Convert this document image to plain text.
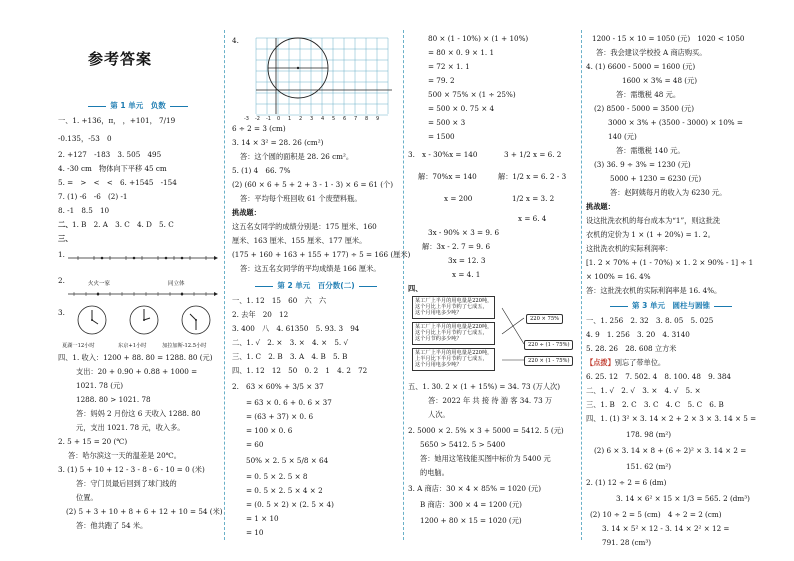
参考答案
第 1 单元　负数
一、1. +136，π， ，+101， 7/19
-0.135，-53　0
2. +127　-183　3. 505　495
4. -30 cm　物体向下平移 45 cm
5. =　>　<　<　6. +1545　-154
7. (1) -6　-6　(2) -1
8. -1　8.5　10
二、 1. B　2. A　3. C　4. D　5. C
三、
1.
2.	火火一家	同立体
3.
夏湖一12小时	东京+1小时	加拉加斯-12.5小时
四、1. 收入：1200 + 88. 80 = 1288. 80 (元)
支出：20 + 0.90 + 0.88 + 1000 =
1021. 78 (元)
1288. 80 > 1021. 78
答：妈妈 2 月份这 6 天收入 1288. 80
元，支出 1021. 78 元，收入多。
2. 5 + 15 = 20 (℃)
答：哈尔滨这一天的温差是 20℃。
3. (1) 5 + 10 + 12 - 3 - 8 - 6 - 10 = 0 (米)
答：守门员最后回到了球门线的
位置。
(2) 5 + 3 + 10 + 8 + 6 + 12 + 10 = 54 (米)
答：他共跑了 54 米。
4.
-3 -2 -1 0 1 2 3 4 5 6 7 8 9
6 ÷ 2 = 3 (cm)
3. 14 × 3² = 28. 26 (cm²)
答：这个圆的面积是 28. 26 cm²。
5. (1) 4　66. 7%
(2) (60 × 6 + 5 + 2 + 3 - 1 - 3) × 6 = 61 (个)
答：平均每个班回收 61 个废塑料瓶。
挑战题：
这五名女同学的成绩分别是：175 厘米、160
厘米、163 厘米、155 厘米、177 厘米。
(175 + 160 + 163 + 155 + 177) ÷ 5 = 166 (厘米)
答：这五名女同学的平均成绩是 166 厘米。
第 2 单元　百分数(二)
一、1. 12　15　60　六　六
2. 去年　20　12
3. 400　八　4. 61350　5. 93. 3　94
二、1. √　2. ×　3. ×　4. ×　5. √
三、1. C　2. B　3. A　4. B　5. B
四、1. 12　12　50　0. 2　1　4. 2　72
2.　63 × 60% + 3/5 × 37
= 63 × 0. 6 + 0. 6 × 37
= (63 + 37) × 0. 6
= 100 × 0. 6
= 60
50% × 2. 5 × 5/8 × 64
= 0. 5 × 2. 5 × 8
= 0. 5 × 2. 5 × 4 × 2
= (0. 5 × 2) × (2. 5 × 4)
= 1 × 10
= 10
80 × (1 - 10%) × (1 + 10%)
= 80 × 0. 9 × 1. 1
= 72 × 1. 1
= 79. 2
500 × 75% × (1 ÷ 25%)
= 500 × 0. 75 × 4
= 500 × 3
= 1500
3.　x - 30%x = 140	3 + 1/2 x = 6. 2
解：70%x = 140	解：1/2 x = 6. 2 - 3
x = 200	1/2 x = 3. 2
x = 6. 4
3x - 90% × 3 = 9. 6
解：3x - 2. 7 = 9. 6
3x = 12. 3
x = 4. 1
四、
某工厂上半月的用电量是220吨，
这个月比上半月节约了七成五，
这个月用电多少吨？
某工厂上半月的用电量是220吨，
这个月比上半月节约了七成五，
这个月节约多少吨？
某工厂上半月的用电量是220吨，
上半月比下半月节约了七成五，
这个月用电多少吨？
220 × 75%
220 ÷ (1 - 75%)
220 × (1 - 75%)
五、1. 30. 2 × (1 + 15%) = 34. 73 (万人次)
答：2022 年 共 接 待 游 客 34. 73 万
人次。
2. 5000 × 2. 5% × 3 + 5000 = 5412. 5 (元)
5650 > 5412. 5 > 5400
答：她用这笔钱能买图中标价为 5400 元
的电脑。
3. A 商店：30 × 4 × 85% = 1020 (元)
B 商店：300 × 4 = 1200 (元)
1200 + 80 × 15 = 1020 (元)
1200 - 15 × 10 = 1050 (元)　1020 < 1050
答：我会建议学校投 A 商店购买。
4. (1) 6600 - 5000 = 1600 (元)
1600 × 3% = 48 (元)
答：需缴税 48 元。
(2) 8500 - 5000 = 3500 (元)
3000 × 3% + (3500 - 3000) × 10% =
140 (元)
答：需缴税 140 元。
(3) 36. 9 ÷ 3% = 1230 (元)
5000 + 1230 = 6230 (元)
答：赵阿姨每月的收入为 6230 元。
挑战题：
设这批洗衣机的每台成本为“1”，则这批洗
衣机的定价为 1 × (1 + 20%) = 1. 2。
这批洗衣机的实际利润率：
[1. 2 × 70% + (1 - 70%) × 1. 2 × 90% - 1] ÷ 1
× 100% = 16. 4%
答：这批洗衣机的实际利润率是 16. 4%。
第 3 单元　圆柱与圆锥
一、1. 256　2. 32　3. 8. 05　5. 025
4. 9　1. 256　3. 20　4. 3140
5. 28. 26　28. 608 立方米
【点拨】别忘了带单位。
6. 25. 12　7. 502. 4　8. 100. 48　9. 384
二、1. √　2. √　3. ×　4. √　5. ×
三、1. B　2. C　3. C　4. C　5. C　6. B
四、1. (1) 3² × 3. 14 × 2 + 2 × 3 × 3. 14 × 5 =
178. 98 (m²)
(2) 6 × 3. 14 × 8 + (6 ÷ 2)² × 3. 14 × 2 =
151. 62 (m²)
2. (1) 12 ÷ 2 = 6 (dm)
3. 14 × 6² × 15 × 1/3 = 565. 2 (dm³)
(2) 10 ÷ 2 = 5 (cm)　4 ÷ 2 = 2 (cm)
3. 14 × 5² × 12 - 3. 14 × 2² × 12 =
791. 28 (cm³)
